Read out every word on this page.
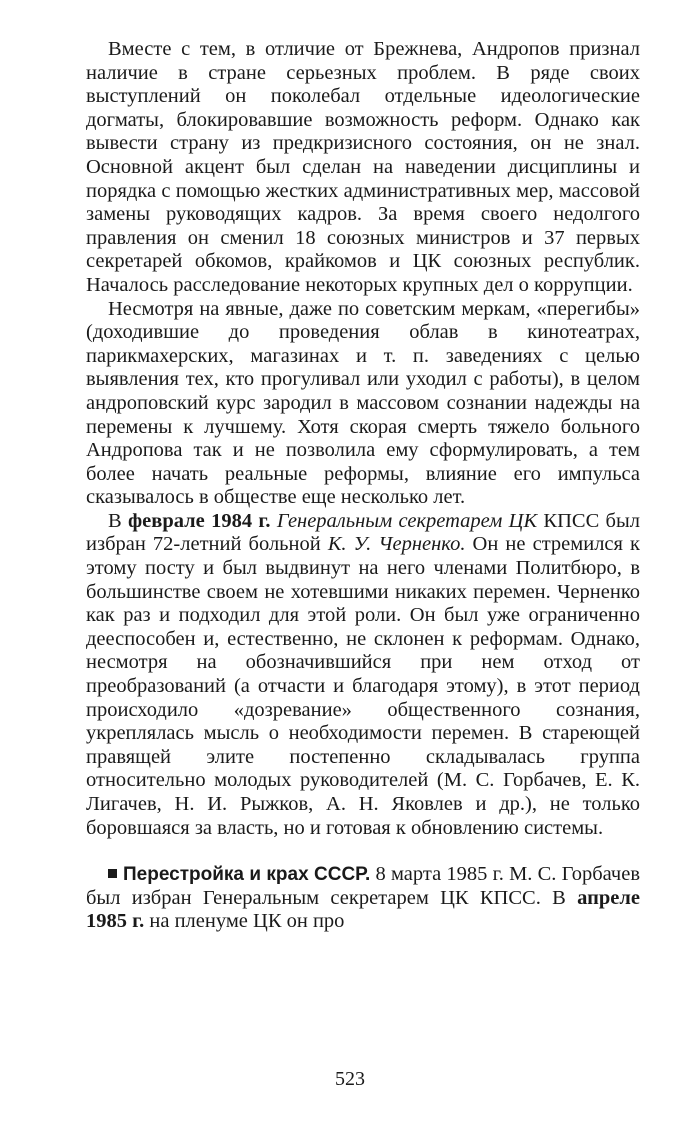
Вместе с тем, в отличие от Брежнева, Андропов признал наличие в стране серьезных проблем. В ряде своих выступлений он поколебал отдельные идеологические догматы, блокировавшие возможность реформ. Однако как вывести страну из предкризисного состояния, он не знал. Основной акцент был сделан на наведении дисциплины и порядка с помощью жестких административных мер, массовой замены руководящих кадров. За время своего недолгого правления он сменил 18 союзных министров и 37 первых секретарей обкомов, крайкомов и ЦК союзных республик. Началось расследование некоторых крупных дел о коррупции.

Несмотря на явные, даже по советским меркам, «перегибы» (доходившие до проведения облав в кинотеатрах, парикмахерских, магазинах и т. п. заведениях с целью выявления тех, кто прогуливал или уходил с работы), в целом андроповский курс зародил в массовом сознании надежды на перемены к лучшему. Хотя скорая смерть тяжело больного Андропова так и не позволила ему сформулировать, а тем более начать реальные реформы, влияние его импульса сказывалось в обществе еще несколько лет.

В феврале 1984 г. Генеральным секретарем ЦК КПСС был избран 72-летний больной К. У. Черненко. Он не стремился к этому посту и был выдвинут на него членами Политбюро, в большинстве своем не хотевшими никаких перемен. Черненко как раз и подходил для этой роли. Он был уже ограниченно дееспособен и, естественно, не склонен к реформам. Однако, несмотря на обозначившийся при нем отход от преобразований (а отчасти и благодаря этому), в этот период происходило «дозревание» общественного сознания, укреплялась мысль о необходимости перемен. В стареющей правящей элите постепенно складывалась группа относительно молодых руководителей (М. С. Горбачев, Е. К. Лигачев, Н. И. Рыжков, А. Н. Яковлев и др.), не только боровшаяся за власть, но и готовая к обновлению системы.

Перестройка и крах СССР. 8 марта 1985 г. М. С. Горбачев был избран Генеральным секретарем ЦК КПСС. В апреле 1985 г. на пленуме ЦК он про

523
